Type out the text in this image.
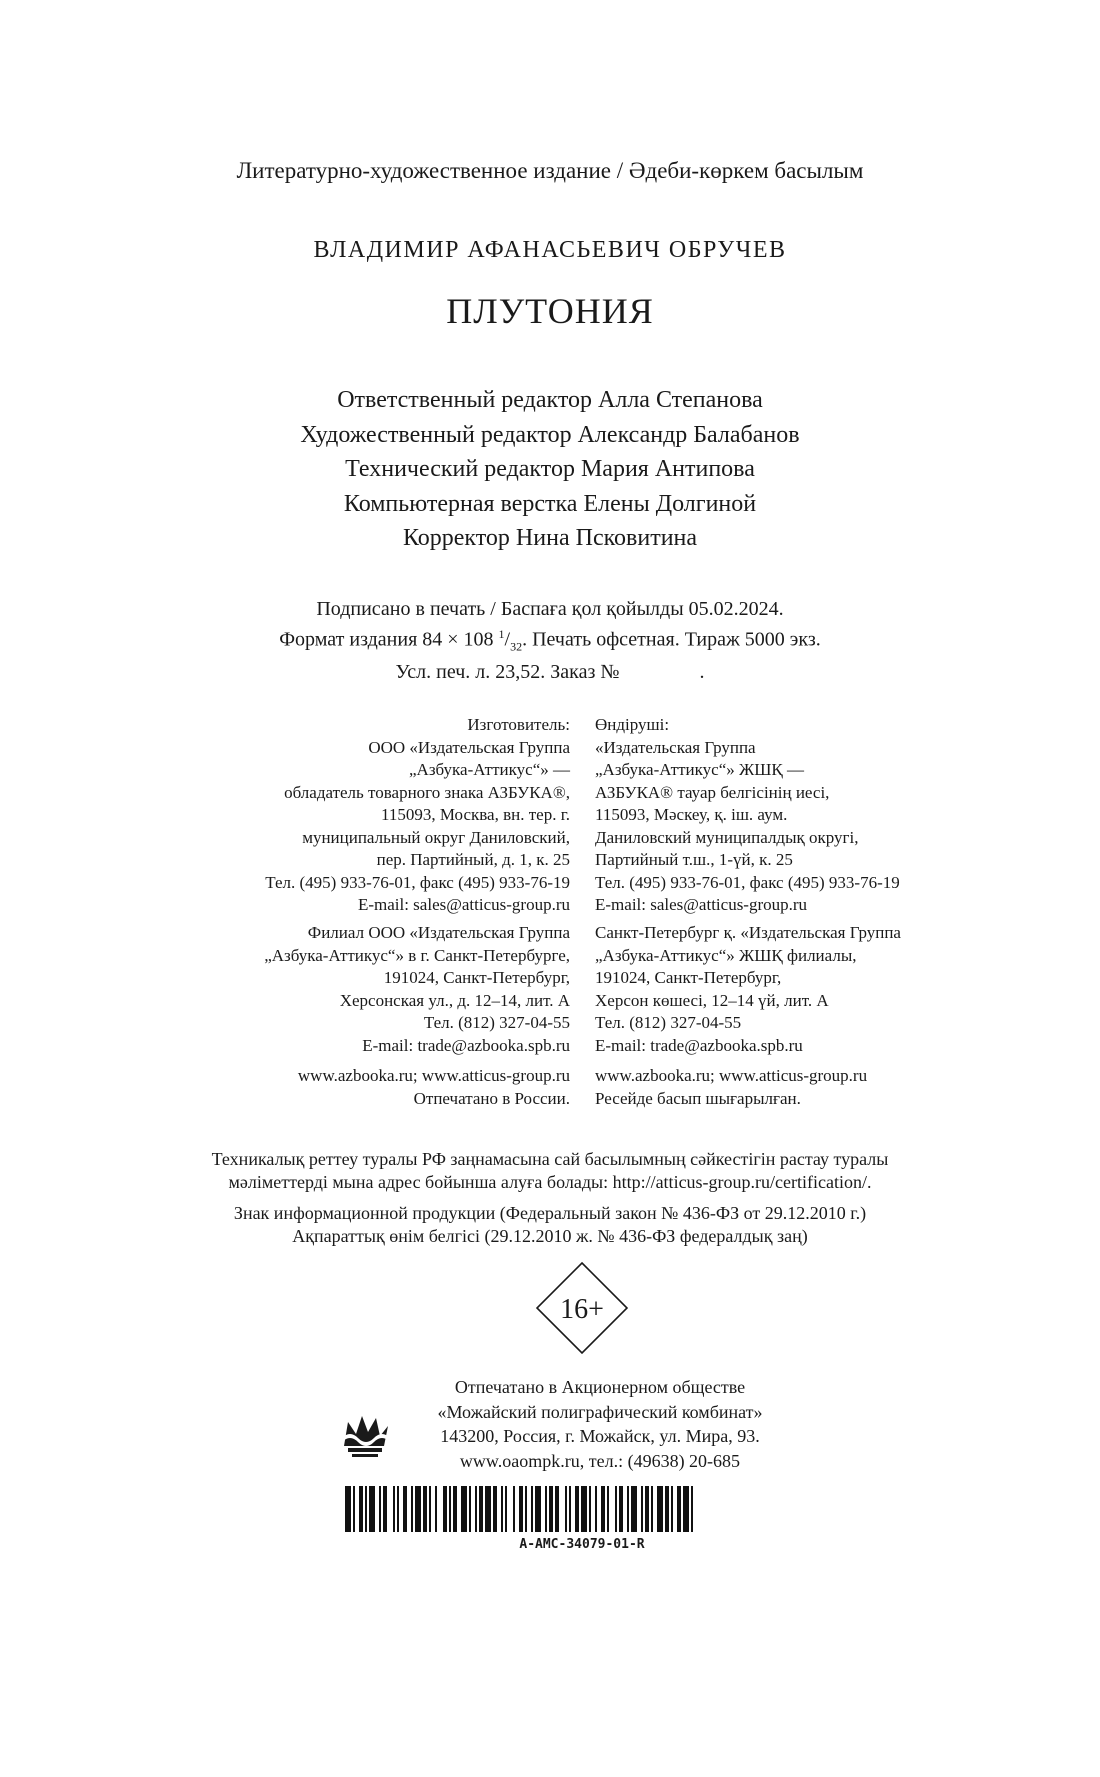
Литературно-художественное издание / Әдеби-көркем басылым
ВЛАДИМИР АФАНАСЬЕВИЧ ОБРУЧЕВ
ПЛУТОНИЯ
Ответственный редактор Алла Степанова
Художественный редактор Александр Балабанов
Технический редактор Мария Антипова
Компьютерная верстка Елены Долгиной
Корректор Нина Псковитина
Подписано в печать / Баспаға қол қойылды 05.02.2024.
Формат издания 84 × 108 $^1/_{32}$. Печать офсетная. Тираж 5000 экз.
Усл. печ. л. 23,52. Заказ №                .
Изготовитель:
ООО «Издательская Группа
„Азбука-Аттикус“» —
обладатель товарного знака АЗБУКА®,
115093, Москва, вн. тер. г.
муниципальный округ Даниловский,
пер. Партийный, д. 1, к. 25
Тел. (495) 933-76-01, факс (495) 933-76-19
E-mail: sales@atticus-group.ru
Өндіруші:
«Издательская Группа
„Азбука-Аттикус“» ЖШҚ —
АЗБУКА® тауар белгісінің иесі,
115093, Мәскеу, қ. іш. аум.
Даниловский муниципалдық округі,
Партийный т.ш., 1-үй, к. 25
Тел. (495) 933-76-01, факс (495) 933-76-19
E-mail: sales@atticus-group.ru
Филиал ООО «Издательская Группа
„Азбука-Аттикус“» в г. Санкт-Петербурге,
191024, Санкт-Петербург,
Херсонская ул., д. 12–14, лит. А
Тел. (812) 327-04-55
E-mail: trade@azbooka.spb.ru
Санкт-Петербург қ. «Издательская Группа
„Азбука-Аттикус“» ЖШҚ филиалы,
191024, Санкт-Петербург,
Херсон көшесі, 12–14 үй, лит. А
Тел. (812) 327-04-55
E-mail: trade@azbooka.spb.ru
www.azbooka.ru; www.atticus-group.ru
Отпечатано в России.
www.azbooka.ru; www.atticus-group.ru
Ресейде басып шығарылған.
Техникалық реттеу туралы РФ заңнамасына сай басылымның сәйкестігін растау туралы
мәліметтерді мына адрес бойынша алуға болады: http://atticus-group.ru/certification/.
Знак информационной продукции (Федеральный закон № 436-ФЗ от 29.12.2010 г.)
Ақпараттық өнім белгісі (29.12.2010 ж. № 436-ФЗ федералдық заң)
16+
Отпечатано в Акционерном обществе
«Можайский полиграфический комбинат»
143200, Россия, г. Можайск, ул. Мира, 93.
www.oaompk.ru, тел.: (49638) 20-685
A-AMC-34079-01-R
